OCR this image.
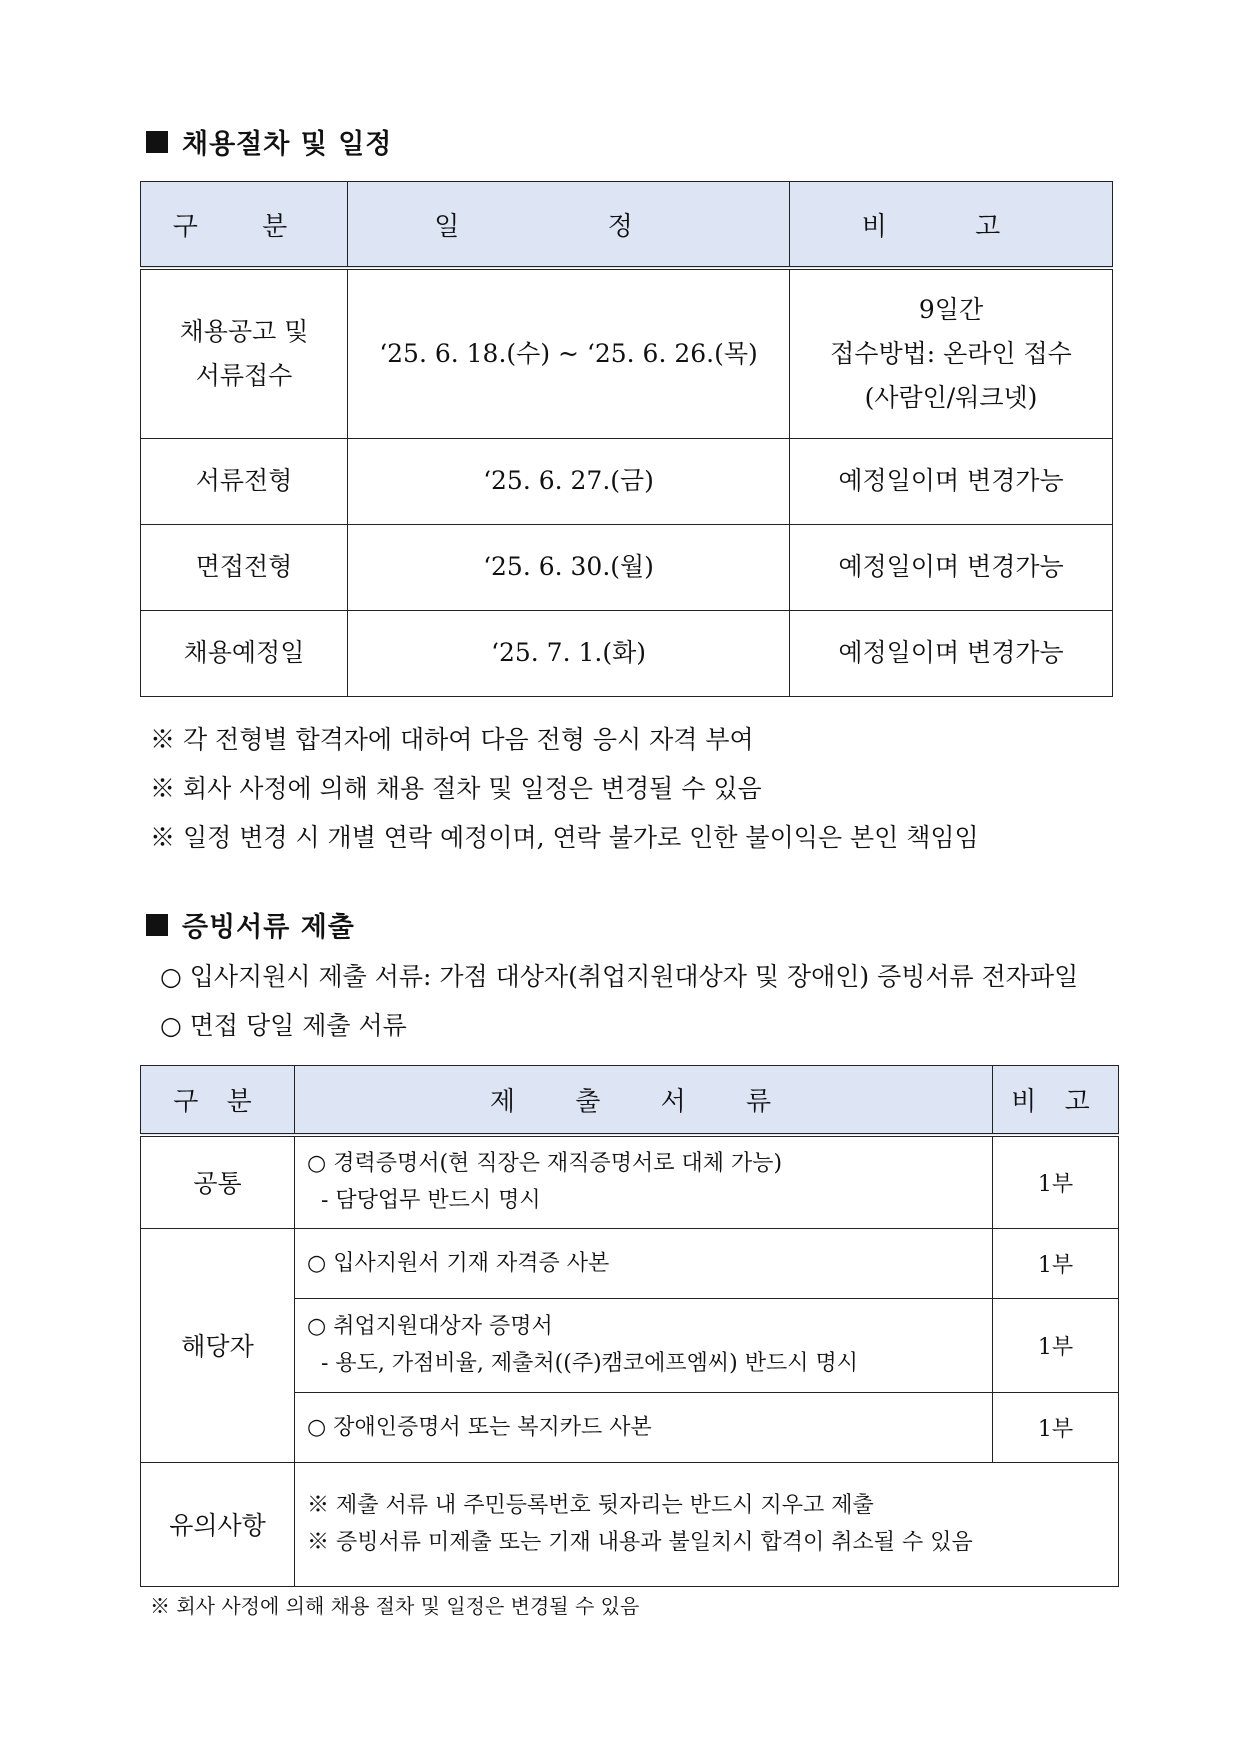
채용절차 및 일정
구 분	일 정	비 고

채용공고 및
서류접수	‘25. 6. 18.(수) ~ ‘25. 6. 26.(목)	9일간
접수방법: 온라인 접수
(사람인/워크넷)

서류전형	‘25. 6. 27.(금)	예정일이며 변경가능
면접전형	‘25. 6. 30.(월)	예정일이며 변경가능
채용예정일	‘25. 7. 1.(화)	예정일이며 변경가능
※ 각 전형별 합격자에 대하여 다음 전형 응시 자격 부여
※ 회사 사정에 의해 채용 절차 및 일정은 변경될 수 있음
※ 일정 변경 시 개별 연락 예정이며, 연락 불가로 인한 불이익은 본인 책임임
증빙서류 제출
○ 입사지원시 제출 서류: 가점 대상자(취업지원대상자 및 장애인) 증빙서류 전자파일
○ 면접 당일 제출 서류
구 분	제 출 서 류	비 고
공통	○ 경력증명서(현 직장은 재직증명서로 대체 가능)
- 담당업무 반드시 명시	1부
해당자	○ 입사지원서 기재 자격증 사본	1부

	○ 취업지원대상자 증명서
- 용도, 가점비율, 제출처((주)캠코에프엠씨) 반드시 명시	1부
	○ 장애인증명서 또는 복지카드 사본	1부
유의사항	※ 제출 서류 내 주민등록번호 뒷자리는 반드시 지우고 제출
※ 증빙서류 미제출 또는 기재 내용과 불일치시 합격이 취소될 수 있음	
※ 회사 사정에 의해 채용 절차 및 일정은 변경될 수 있음
